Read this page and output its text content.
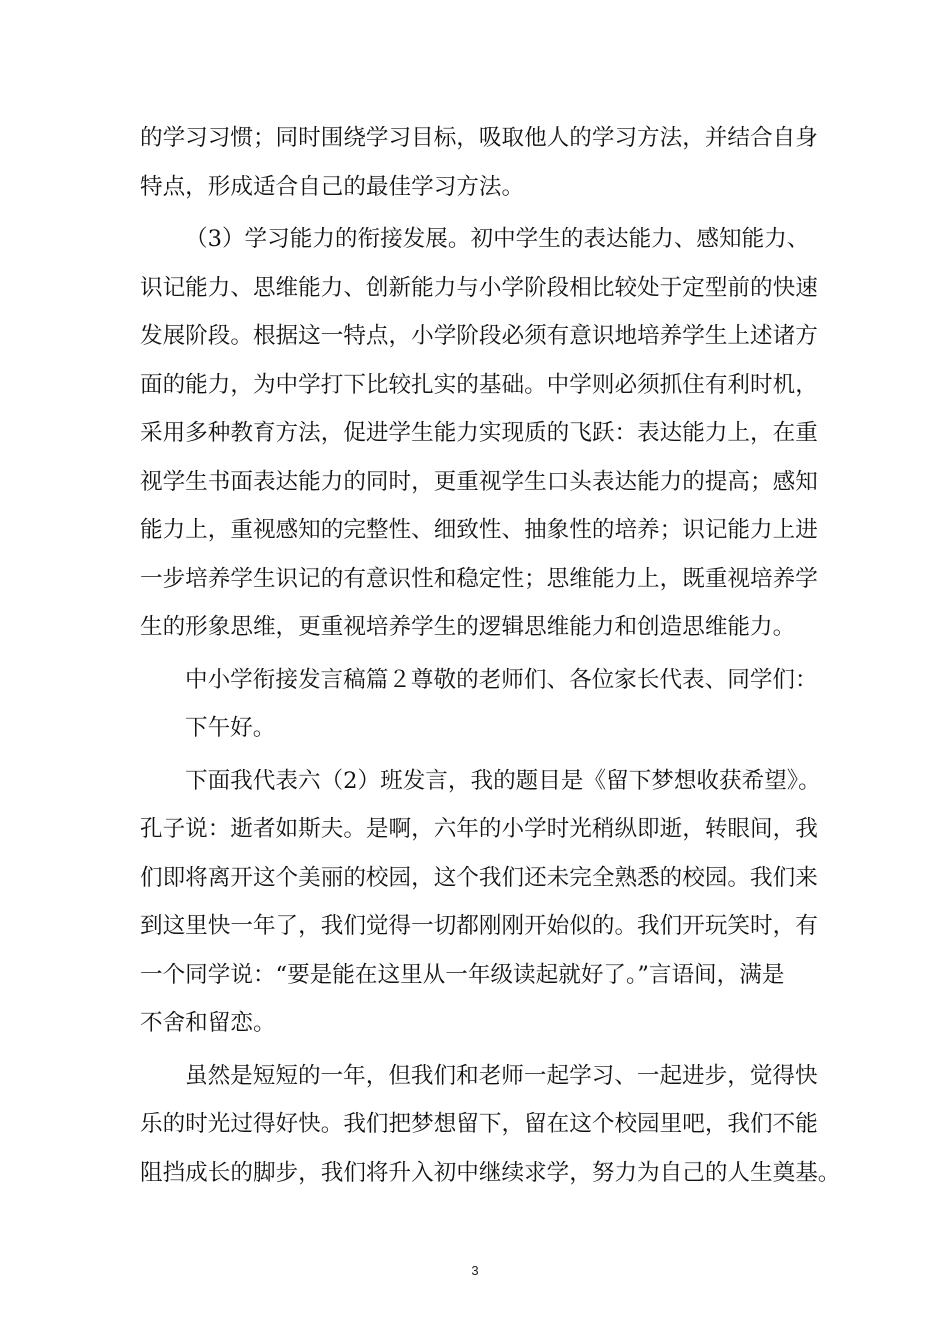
的学习习惯；同时围绕学习目标，吸取他人的学习方法，并结合自身
特点，形成适合自己的最佳学习方法。
（3）学习能力的衔接发展。初中学生的表达能力、感知能力、
识记能力、思维能力、创新能力与小学阶段相比较处于定型前的快速
发展阶段。根据这一特点，小学阶段必须有意识地培养学生上述诸方
面的能力，为中学打下比较扎实的基础。中学则必须抓住有利时机，
采用多种教育方法，促进学生能力实现质的飞跃：表达能力上，在重
视学生书面表达能力的同时，更重视学生口头表达能力的提高；感知
能力上，重视感知的完整性、细致性、抽象性的培养；识记能力上进
一步培养学生识记的有意识性和稳定性；思维能力上，既重视培养学
生的形象思维，更重视培养学生的逻辑思维能力和创造思维能力。
中小学衔接发言稿篇２尊敬的老师们、各位家长代表、同学们：
下午好。
下面我代表六（2）班发言，我的题目是《留下梦想收获希望》。
孔子说：逝者如斯夫。是啊，六年的小学时光稍纵即逝，转眼间，我
们即将离开这个美丽的校园，这个我们还未完全熟悉的校园。我们来
到这里快一年了，我们觉得一切都刚刚开始似的。我们开玩笑时，有
一个同学说：“要是能在这里从一年级读起就好了。”言语间，满是
不舍和留恋。
虽然是短短的一年，但我们和老师一起学习、一起进步，觉得快
乐的时光过得好快。我们把梦想留下，留在这个校园里吧，我们不能
阻挡成长的脚步，我们将升入初中继续求学，努力为自己的人生奠基。
3
